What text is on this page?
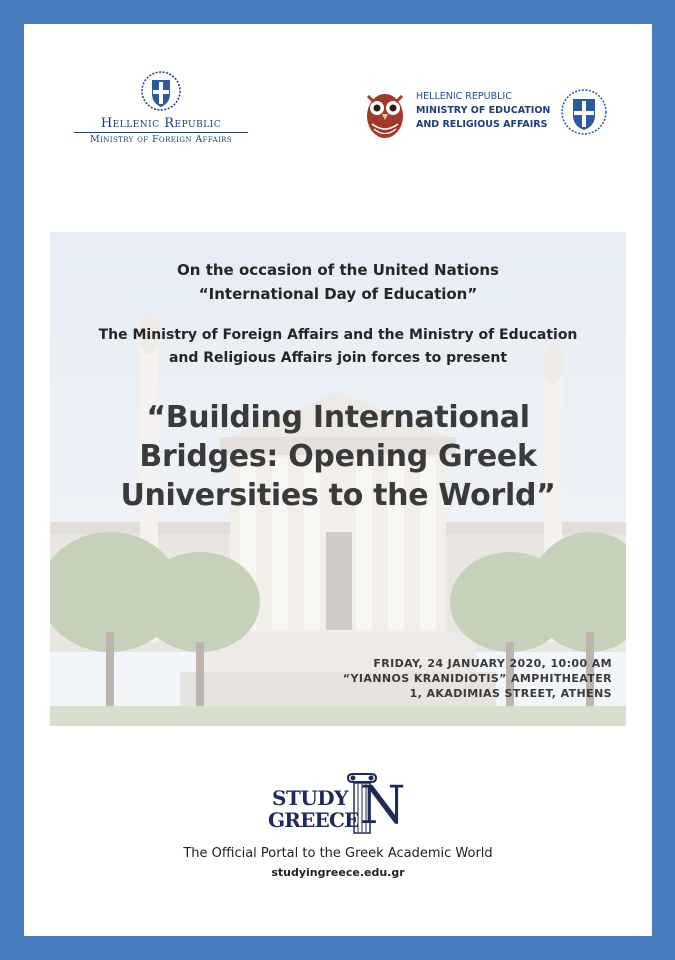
Hellenic Republic
Ministry of Foreign Affairs
HELLENIC REPUBLIC
MINISTRY OF EDUCATION
AND RELIGIOUS AFFAIRS
On the occasion of the United Nations
“International Day of Education”
The Ministry of Foreign Affairs and the Ministry of Education
and Religious Affairs join forces to present
“Building International
Bridges: Opening Greek
Universities to the World”
FRIDAY, 24 JANUARY 2020, 10:00 AM
“YIANNOS KRANIDIOTIS” AMPHITHEATER
1, AKADIMIAS STREET, ATHENS
STUDY
GREECE N
The Official Portal to the Greek Academic World
studyingreece.edu.gr
